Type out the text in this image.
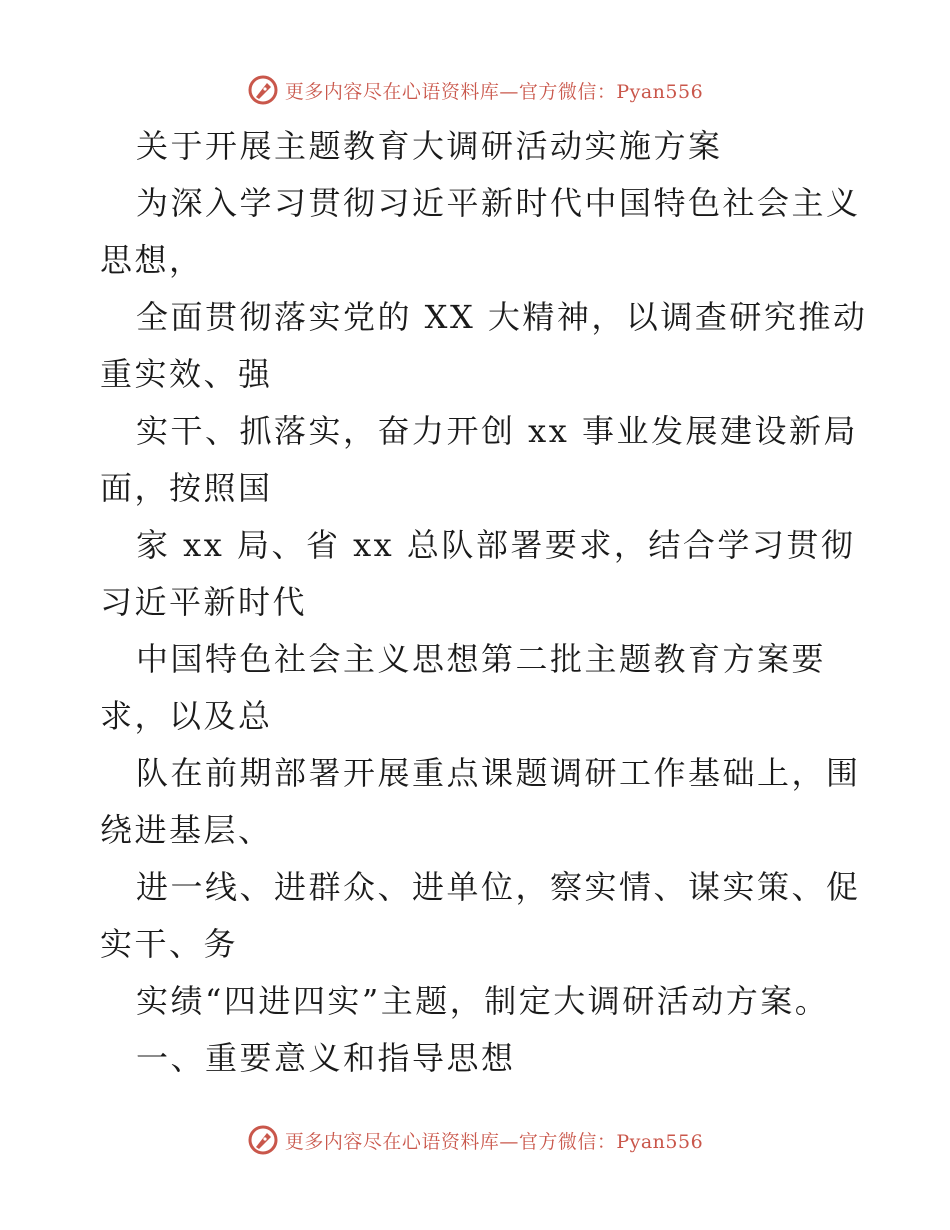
更多内容尽在心语资料库—官方微信：Pyan556
关于开展主题教育大调研活动实施方案
为深入学习贯彻习近平新时代中国特色社会主义
思想，
全面贯彻落实党的 XX 大精神，以调查研究推动
重实效、强
实干、抓落实，奋力开创 xx 事业发展建设新局
面，按照国
家 xx 局、省 xx 总队部署要求，结合学习贯彻
习近平新时代
中国特色社会主义思想第二批主题教育方案要
求，以及总
队在前期部署开展重点课题调研工作基础上，围
绕进基层、
进一线、进群众、进单位，察实情、谋实策、促
实干、务
实绩“四进四实”主题，制定大调研活动方案。
一、重要意义和指导思想
更多内容尽在心语资料库—官方微信：Pyan556
